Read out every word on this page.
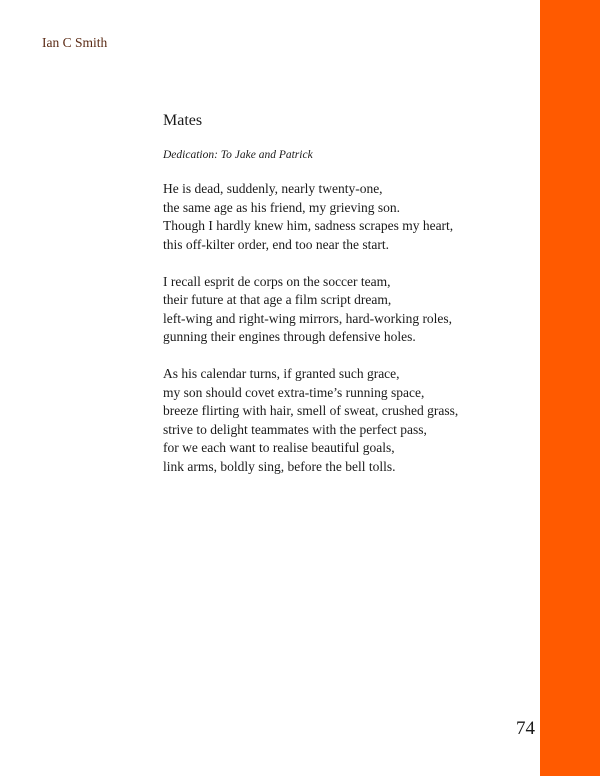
Ian C Smith
Mates
Dedication: To Jake and Patrick
He is dead, suddenly, nearly twenty-one,
the same age as his friend, my grieving son.
Though I hardly knew him, sadness scrapes my heart,
this off-kilter order, end too near the start.
I recall esprit de corps on the soccer team,
their future at that age a film script dream,
left-wing and right-wing mirrors, hard-working roles,
gunning their engines through defensive holes.
As his calendar turns, if granted such grace,
my son should covet extra-time’s running space,
breeze flirting with hair, smell of sweat, crushed grass,
strive to delight teammates with the perfect pass,
for we each want to realise beautiful goals,
link arms, boldly sing, before the bell tolls.
74
